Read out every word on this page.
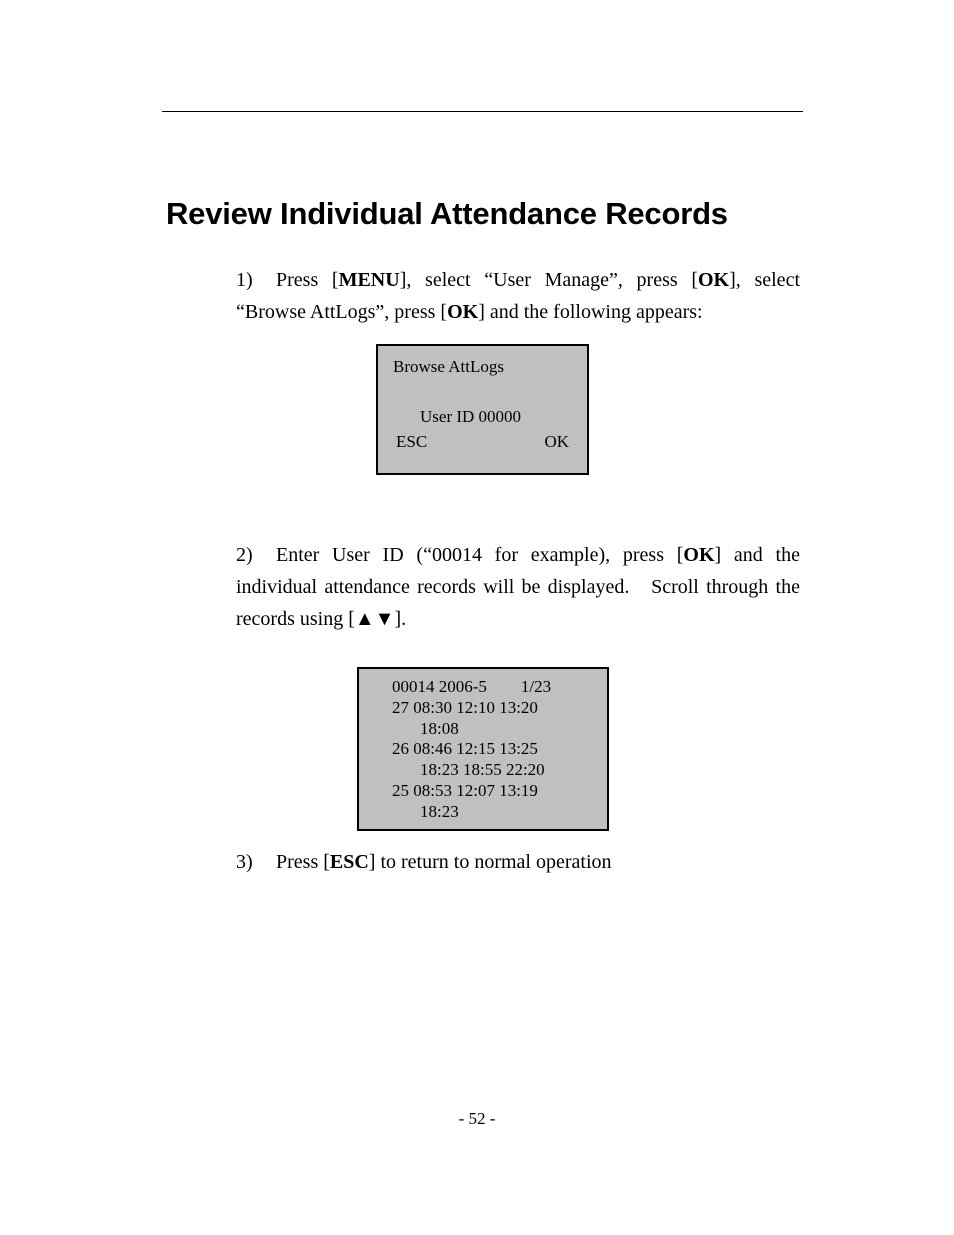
Review Individual Attendance Records

1) Press [MENU], select “User Manage”, press [OK], select “Browse AttLogs”, press [OK] and the following appears:

Browse AttLogs
User ID 00000
ESC	OK

2) Enter User ID (“00014 for example), press [OK] and the individual attendance records will be displayed.   Scroll through the records using [▲▼].

00014 2006-5        1/23
27 08:30 12:10 13:20
18:08
26 08:46 12:15 13:25
18:23 18:55 22:20
25 08:53 12:07 13:19
18:23

3) Press [ESC] to return to normal operation

- 52 -
